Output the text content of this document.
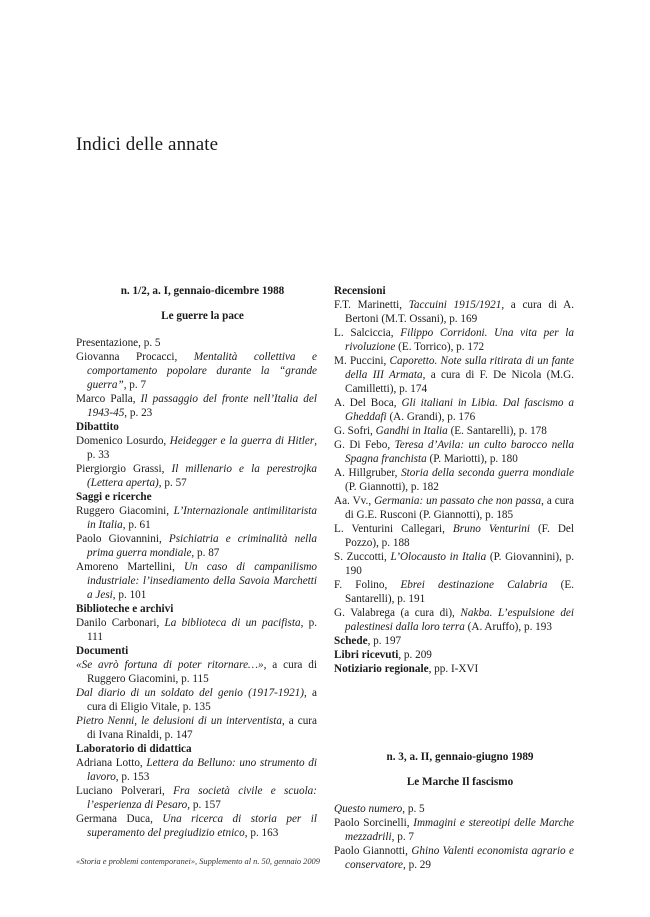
Indici delle annate
n. 1/2, a. I, gennaio-dicembre 1988
Le guerre la pace
Presentazione, p. 5
Giovanna Procacci, Mentalità collettiva e comportamento popolare durante la “grande guerra”, p. 7
Marco Palla, Il passaggio del fronte nell’Italia del 1943-45, p. 23
Dibattito
Domenico Losurdo, Heidegger e la guerra di Hitler, p. 33
Piergiorgio Grassi, Il millenario e la perestrojka (Lettera aperta), p. 57
Saggi e ricerche
Ruggero Giacomini, L’Internazionale antimilitarista in Italia, p. 61
Paolo Giovannini, Psichiatria e criminalità nella prima guerra mondiale, p. 87
Amoreno Martellini, Un caso di campanilismo industriale: l’insediamento della Savoia Marchetti a Jesi, p. 101
Biblioteche e archivi
Danilo Carbonari, La biblioteca di un pacifista, p. 111
Documenti
«Se avrò fortuna di poter ritornare…», a cura di Ruggero Giacomini, p. 115
Dal diario di un soldato del genio (1917-1921), a cura di Eligio Vitale, p. 135
Pietro Nenni, le delusioni di un interventista, a cura di Ivana Rinaldi, p. 147
Laboratorio di didattica
Adriana Lotto, Lettera da Belluno: uno strumento di lavoro, p. 153
Luciano Polverari, Fra società civile e scuola: l’esperienza di Pesaro, p. 157
Germana Duca, Una ricerca di storia per il superamento del pregiudizio etnico, p. 163
Recensioni
F.T. Marinetti, Taccuini 1915/1921, a cura di A. Bertoni (M.T. Ossani), p. 169
L. Salciccia, Filippo Corridoni. Una vita per la rivoluzione (E. Torrico), p. 172
M. Puccini, Caporetto. Note sulla ritirata di un fante della III Armata, a cura di F. De Nicola (M.G. Camilletti), p. 174
A. Del Boca, Gli italiani in Libia. Dal fascismo a Gheddafi (A. Grandi), p. 176
G. Sofri, Gandhi in Italia (E. Santarelli), p. 178
G. Di Febo, Teresa d’Avila: un culto barocco nella Spagna franchista (P. Mariotti), p. 180
A. Hillgruber, Storia della seconda guerra mondiale (P. Giannotti), p. 182
Aa. Vv., Germania: un passato che non passa, a cura di G.E. Rusconi (P. Giannotti), p. 185
L. Venturini Callegari, Bruno Venturini (F. Del Pozzo), p. 188
S. Zuccotti, L’Olocausto in Italia (P. Giovannini), p. 190
F. Folino, Ebrei destinazione Calabria (E. Santarelli), p. 191
G. Valabrega (a cura di), Nakba. L’espulsione dei palestinesi dalla loro terra (A. Aruffo), p. 193
Schede, p. 197
Libri ricevuti, p. 209
Notiziario regionale, pp. I-XVI
n. 3, a. II, gennaio-giugno 1989
Le Marche Il fascismo
Questo numero, p. 5
Paolo Sorcinelli, Immagini e stereotipi delle Marche mezzadrili, p. 7
Paolo Giannotti, Ghino Valenti economista agrario e conservatore, p. 29
«Storia e problemi contemporanei», Supplemento al n. 50, gennaio 2009
